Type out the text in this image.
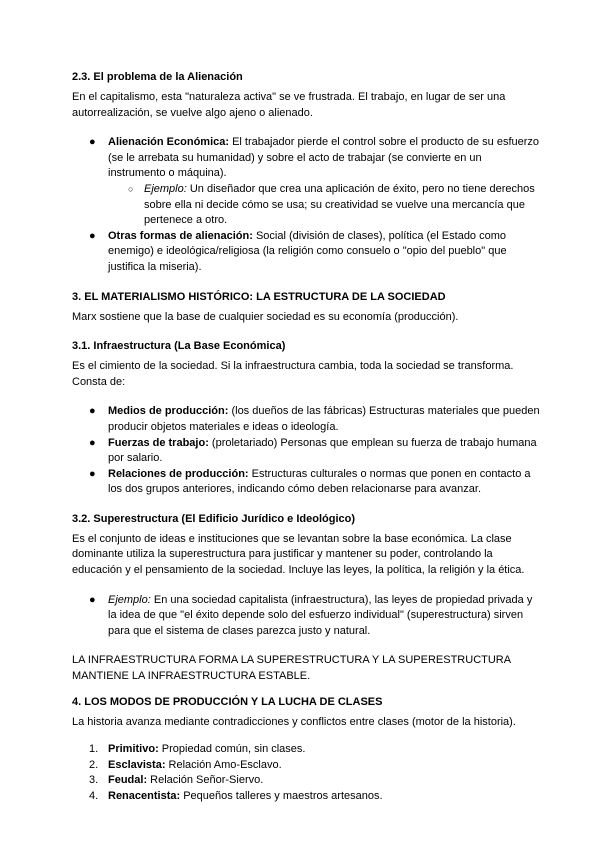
2.3. El problema de la Alienación

En el capitalismo, esta "naturaleza activa" se ve frustrada. El trabajo, en lugar de ser una autorrealización, se vuelve algo ajeno o alienado.

● Alienación Económica: El trabajador pierde el control sobre el producto de su esfuerzo (se le arrebata su humanidad) y sobre el acto de trabajar (se convierte en un instrumento o máquina).
○ Ejemplo: Un diseñador que crea una aplicación de éxito, pero no tiene derechos sobre ella ni decide cómo se usa; su creatividad se vuelve una mercancía que pertenece a otro.
● Otras formas de alienación: Social (división de clases), política (el Estado como enemigo) e ideológica/religiosa (la religión como consuelo o "opio del pueblo" que justifica la miseria).
3. EL MATERIALISMO HISTÓRICO: LA ESTRUCTURA DE LA SOCIEDAD

Marx sostiene que la base de cualquier sociedad es su economía (producción).

3.1. Infraestructura (La Base Económica)

Es el cimiento de la sociedad. Si la infraestructura cambia, toda la sociedad se transforma. Consta de:

● Medios de producción: (los dueños de las fábricas) Estructuras materiales que pueden producir objetos materiales e ideas o ideología.
● Fuerzas de trabajo: (proletariado) Personas que emplean su fuerza de trabajo humana por salario.
● Relaciones de producción: Estructuras culturales o normas que ponen en contacto a los dos grupos anteriores, indicando cómo deben relacionarse para avanzar.
3.2. Superestructura (El Edificio Jurídico e Ideológico)

Es el conjunto de ideas e instituciones que se levantan sobre la base económica. La clase dominante utiliza la superestructura para justificar y mantener su poder, controlando la educación y el pensamiento de la sociedad. Incluye las leyes, la política, la religión y la ética.

● Ejemplo: En una sociedad capitalista (infraestructura), las leyes de propiedad privada y la idea de que "el éxito depende solo del esfuerzo individual" (superestructura) sirven para que el sistema de clases parezca justo y natural.

LA INFRAESTRUCTURA FORMA LA SUPERESTRUCTURA Y LA SUPERESTRUCTURA MANTIENE LA INFRAESTRUCTURA ESTABLE.

4. LOS MODOS DE PRODUCCIÓN Y LA LUCHA DE CLASES

La historia avanza mediante contradicciones y conflictos entre clases (motor de la historia).

1. Primitivo: Propiedad común, sin clases.
2. Esclavista: Relación Amo-Esclavo.
3. Feudal: Relación Señor-Siervo.
4. Renacentista: Pequeños talleres y maestros artesanos.
